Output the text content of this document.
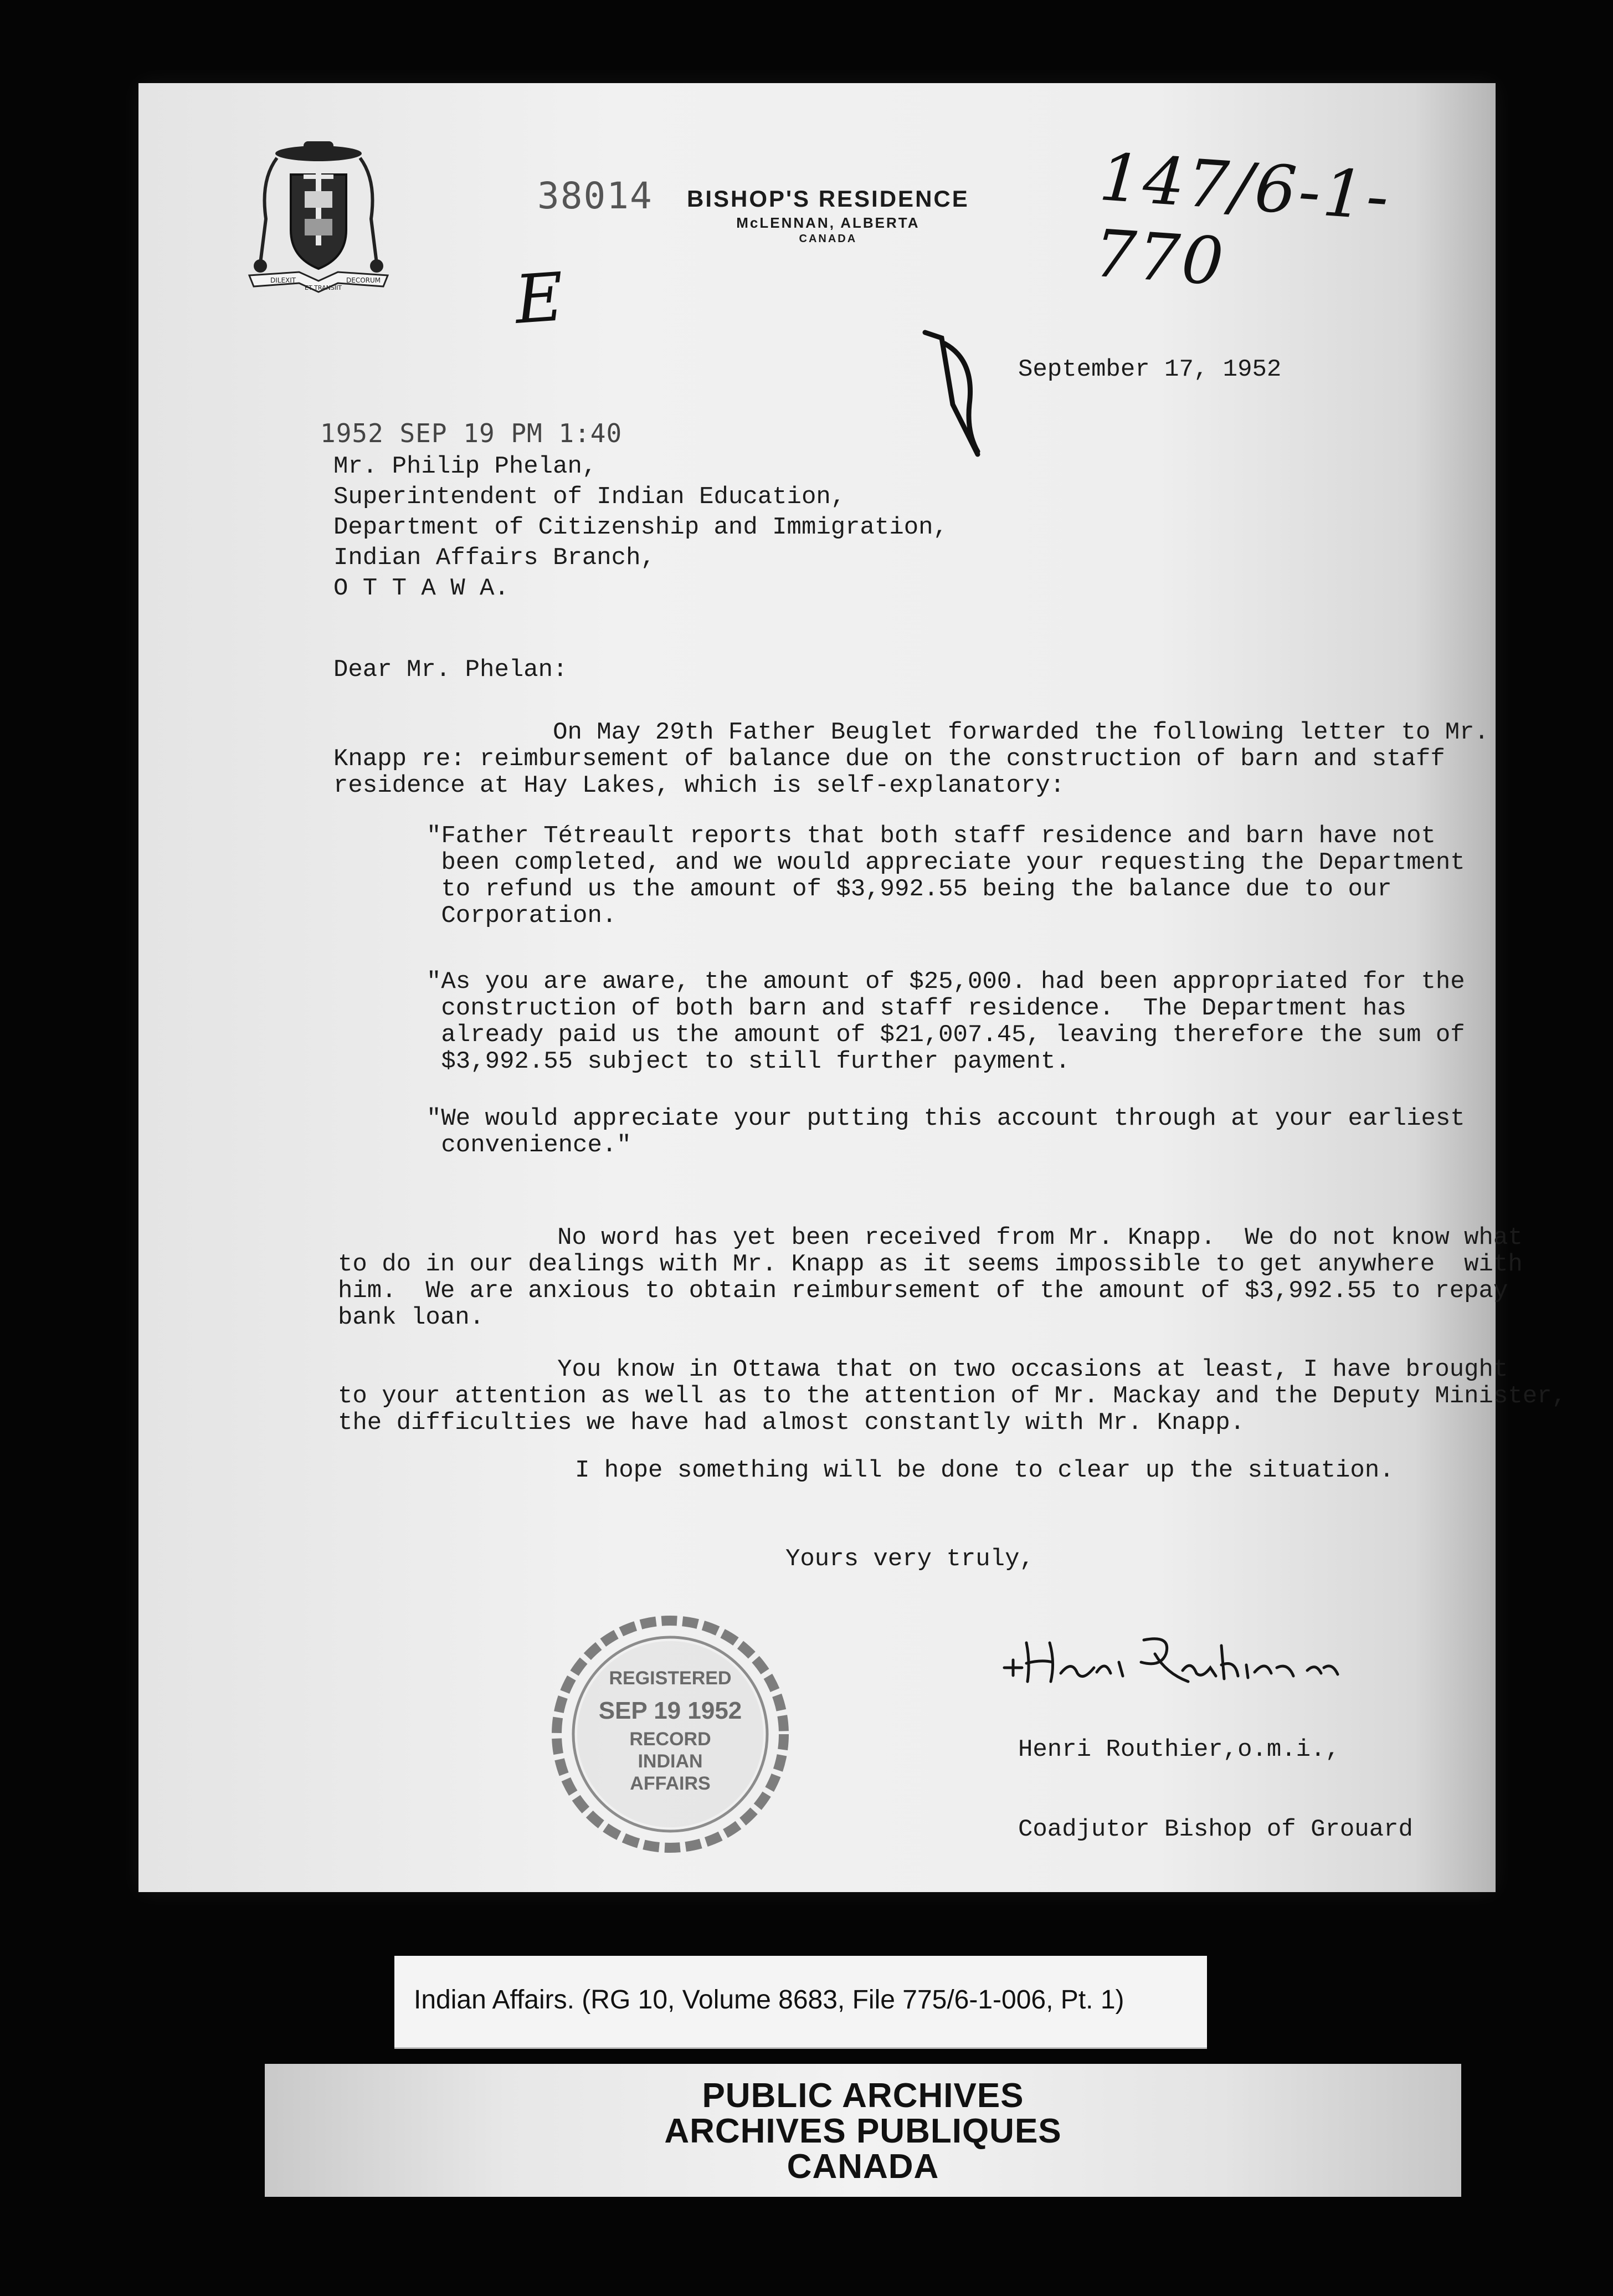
DILEXIT
ET TRANSIIT
DECORUM
38014 BISHOP'S RESIDENCE
McLENNAN, ALBERTA
CANADA
147/6-1-770
E
September 17, 1952
1952 SEP 19 PM 1:40
Mr. Philip Phelan,
Superintendent of Indian Education,
Department of Citizenship and Immigration,
Indian Affairs Branch,
O T T A W A.
Dear Mr. Phelan:
On May 29th Father Beuglet forwarded the following letter to Mr.
Knapp re: reimbursement of balance due on the construction of barn and staff
residence at Hay Lakes, which is self-explanatory:
"Father Tétreault reports that both staff residence and barn have not
been completed, and we would appreciate your requesting the Department
to refund us the amount of $3,992.55 being the balance due to our
Corporation.
"As you are aware, the amount of $25,000. had been appropriated for the
construction of both barn and staff residence.  The Department has
already paid us the amount of $21,007.45, leaving therefore the sum of
$3,992.55 subject to still further payment.
"We would appreciate your putting this account through at your earliest
convenience."
No word has yet been received from Mr. Knapp.  We do not know what
to do in our dealings with Mr. Knapp as it seems impossible to get anywhere  with
him.  We are anxious to obtain reimbursement of the amount of $3,992.55 to repay
bank loan.
You know in Ottawa that on two occasions at least, I have brought
to your attention as well as to the attention of Mr. Mackay and the Deputy Minister,
the difficulties we have had almost constantly with Mr. Knapp.
I hope something will be done to clear up the situation.
Yours very truly,

Henri Routhier,o.m.i.,

Coadjutor Bishop of Grouard

REGISTERED
SEP 19 1952
RECORD
INDIAN
AFFAIRS
Indian Affairs. (RG 10, Volume 8683, File 775/6-1-006, Pt. 1)
PUBLIC ARCHIVES
ARCHIVES PUBLIQUES
CANADA
